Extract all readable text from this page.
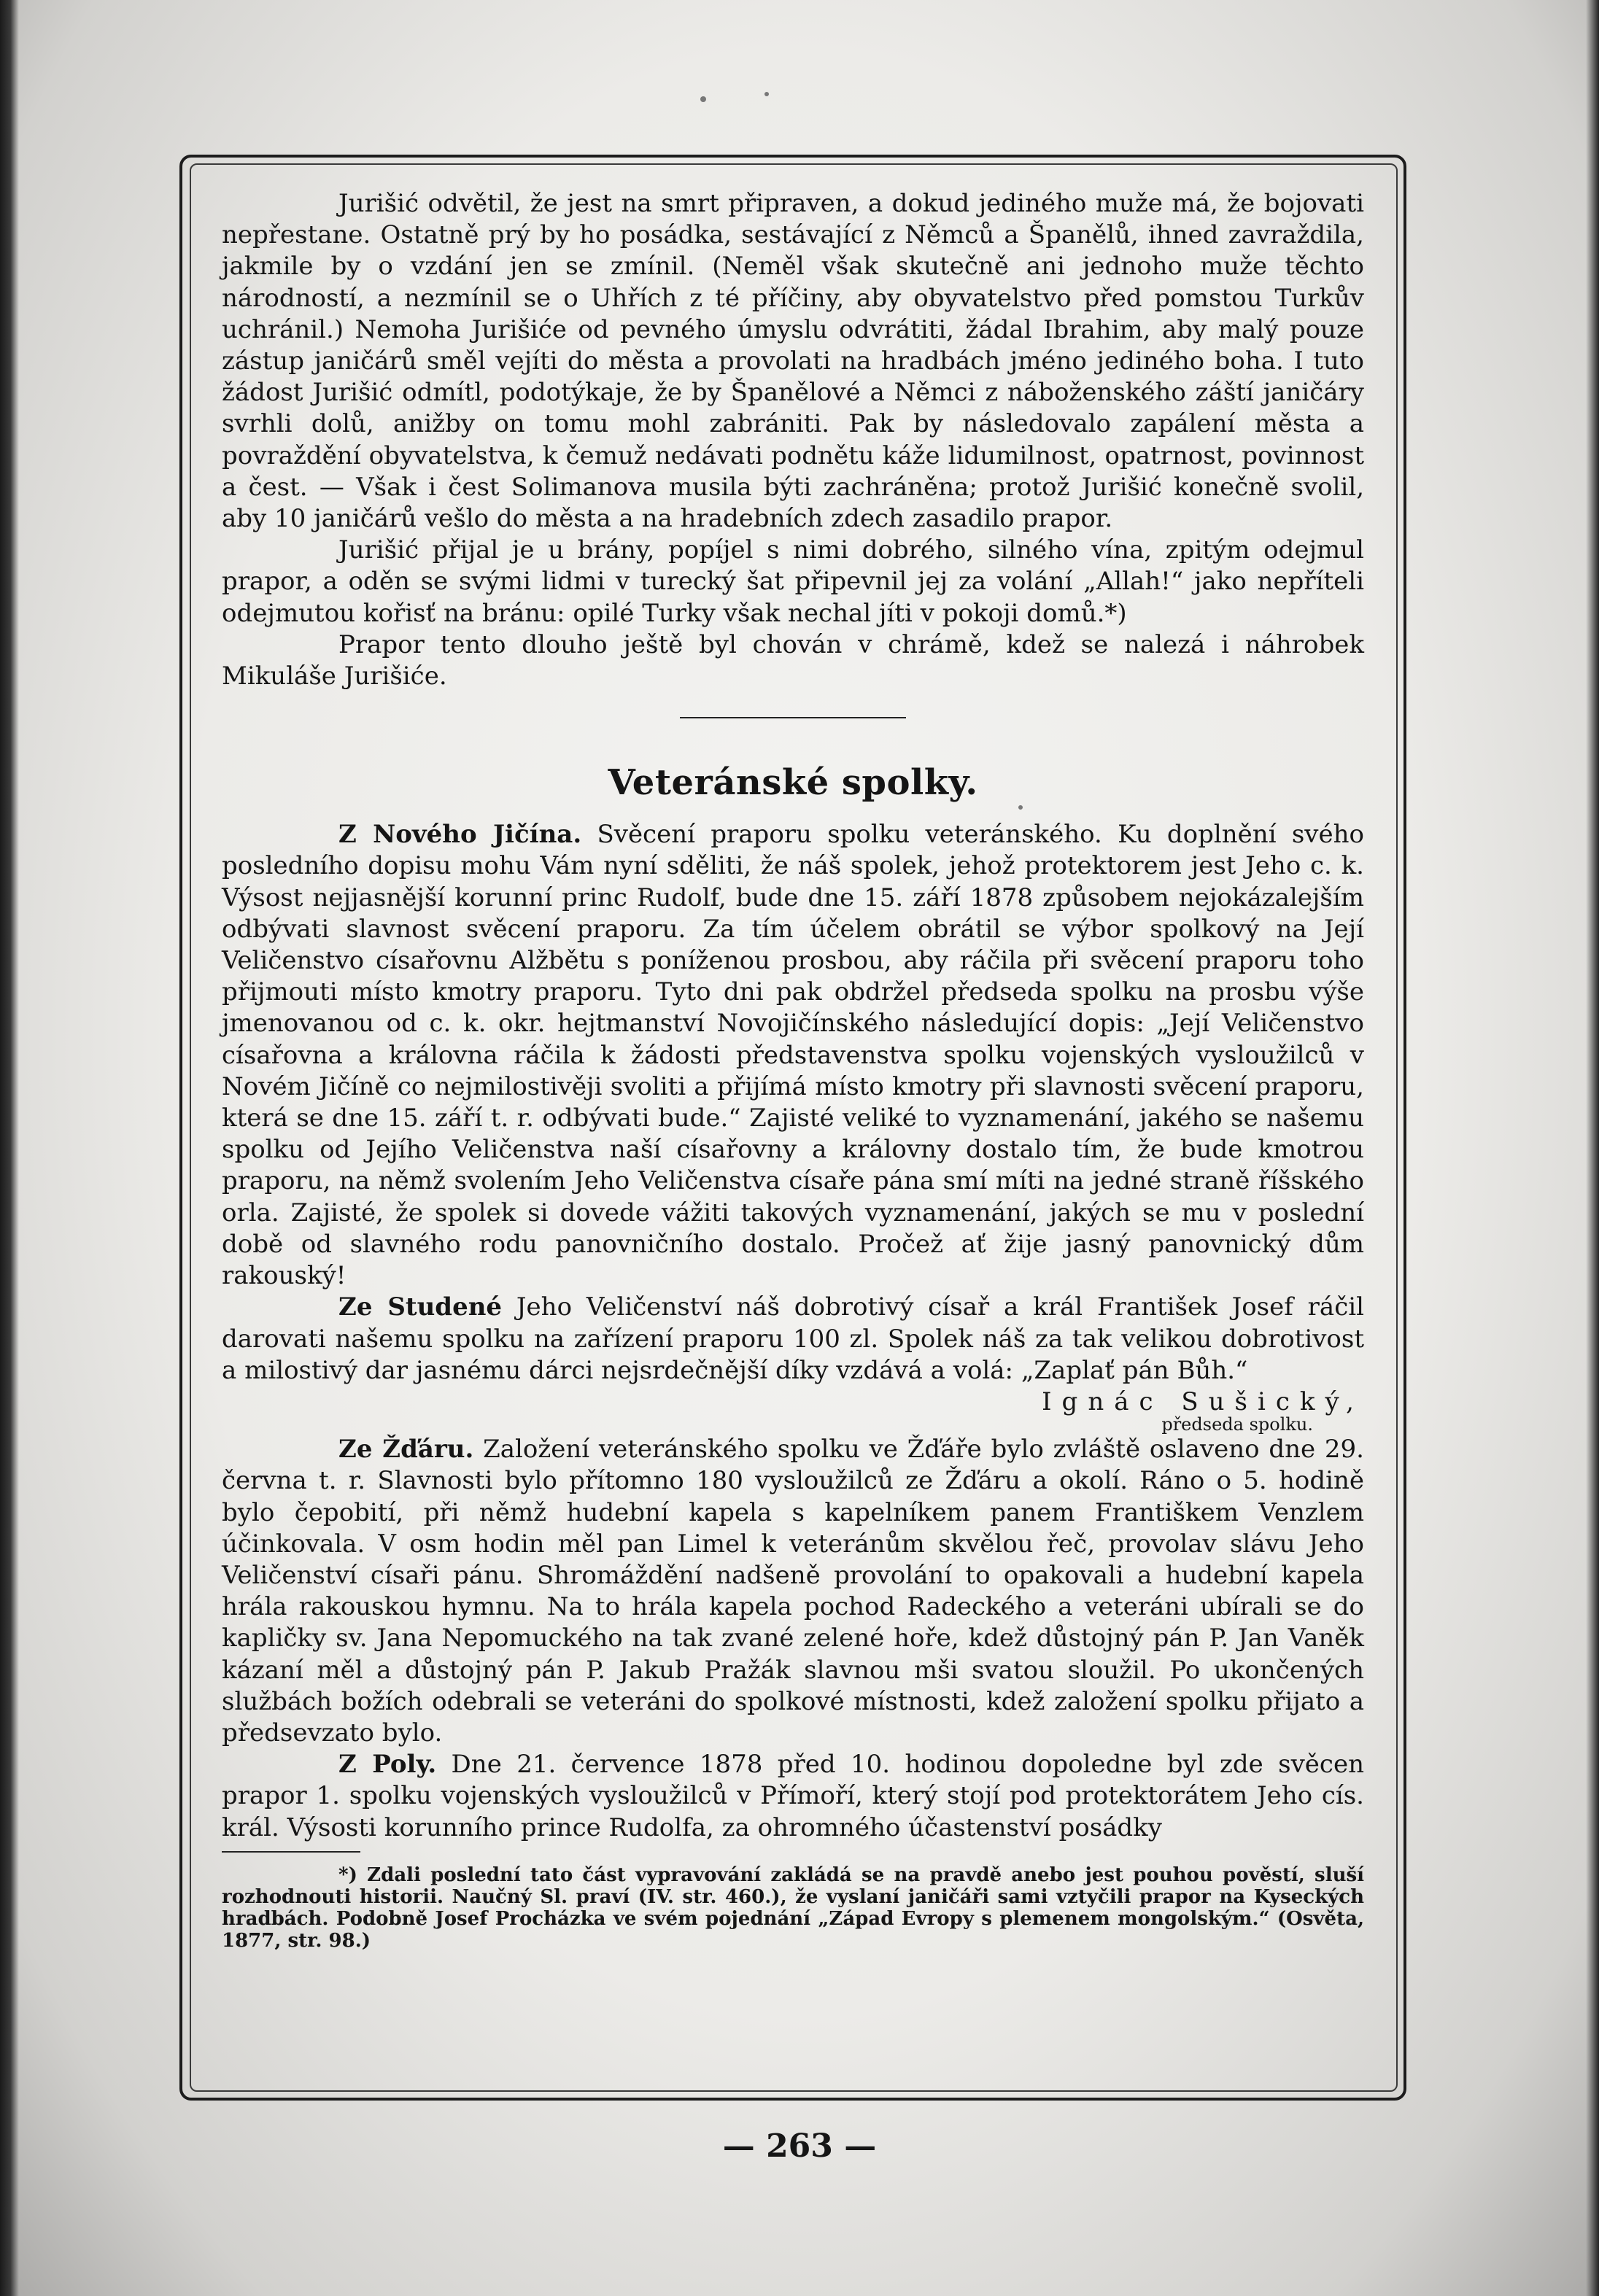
Jurišić odvětil, že jest na smrt připraven, a dokud jediného muže má, že bojovati nepřestane. Ostatně prý by ho posádka, sestávající z Němců a Španělů, ihned zavraždila, jakmile by o vzdání jen se zmínil. (Neměl však skutečně ani jednoho muže těchto národností, a nezmínil se o Uhřích z té příčiny, aby obyvatelstvo před pomstou Turkův uchránil.) Nemoha Jurišiće od pevného úmyslu odvrátiti, žádal Ibrahim, aby malý pouze zástup janičárů směl vejíti do města a provolati na hradbách jméno jediného boha. I tuto žádost Jurišić odmítl, podotýkaje, že by Španělové a Němci z náboženského záští janičáry svrhli dolů, anižby on tomu mohl zabrániti. Pak by následovalo zapálení města a povraždění obyvatelstva, k čemuž nedávati podnětu káže lidumilnost, opatrnost, povinnost a čest. — Však i čest Solimanova musila býti zachráněna; protož Jurišić konečně svolil, aby 10 janičárů vešlo do města a na hradebních zdech zasadilo prapor.

Jurišić přijal je u brány, popíjel s nimi dobrého, silného vína, zpitým odejmul prapor, a oděn se svými lidmi v turecký šat připevnil jej za volání „Allah!“ jako nepříteli odejmutou kořisť na bránu: opilé Turky však nechal jíti v pokoji domů.*)

Prapor tento dlouho ještě byl chován v chrámě, kdež se nalezá i náhrobek Mikuláše Jurišiće.

Veteránské spolky.

Z Nového Jičína. Svěcení praporu spolku veteránského. Ku doplnění svého posledního dopisu mohu Vám nyní sděliti, že náš spolek, jehož protektorem jest Jeho c. k. Výsost nejjasnější korunní princ Rudolf, bude dne 15. září 1878 způsobem nejokázalejším odbývati slavnost svěcení praporu. Za tím účelem obrátil se výbor spolkový na Její Veličenstvo císařovnu Alžbětu s poníženou prosbou, aby ráčila při svěcení praporu toho přijmouti místo kmotry praporu. Tyto dni pak obdržel předseda spolku na prosbu výše jmenovanou od c. k. okr. hejtmanství Novojičínského následující dopis: „Její Veličenstvo císařovna a královna ráčila k žádosti představenstva spolku vojenských vysloužilců v Novém Jičíně co nejmilostivěji svoliti a přijímá místo kmotry při slavnosti svěcení praporu, která se dne 15. září t. r. odbývati bude.“ Zajisté veliké to vyznamenání, jakého se našemu spolku od Jejího Veličenstva naší císařovny a královny dostalo tím, že bude kmotrou praporu, na němž svolením Jeho Veličenstva císaře pána smí míti na jedné straně říšského orla. Zajisté, že spolek si dovede vážiti takových vyznamenání, jakých se mu v poslední době od slavného rodu panovničního dostalo. Pročež ať žije jasný panovnický dům rakouský!

Ze Studené Jeho Veličenství náš dobrotivý císař a král František Josef ráčil darovati našemu spolku na zařízení praporu 100 zl. Spolek náš za tak velikou dobrotivost a milostivý dar jasnému dárci nejsrdečnější díky vzdává a volá: „Zaplať pán Bůh.“

Ignác Sušický,
předseda spolku.

Ze Žďáru. Založení veteránského spolku ve Žďáře bylo zvláště oslaveno dne 29. června t. r. Slavnosti bylo přítomno 180 vysloužilců ze Žďáru a okolí. Ráno o 5. hodině bylo čepobití, při němž hudební kapela s kapelníkem panem Františkem Venzlem účinkovala. V osm hodin měl pan Limel k veteránům skvělou řeč, provolav slávu Jeho Veličenství císaři pánu. Shromáždění nadšeně provolání to opakovali a hudební kapela hrála rakouskou hymnu. Na to hrála kapela pochod Radeckého a veteráni ubírali se do kapličky sv. Jana Nepomuckého na tak zvané zelené hoře, kdež důstojný pán P. Jan Vaněk kázaní měl a důstojný pán P. Jakub Pražák slavnou mši svatou sloužil. Po ukončených službách božích odebrali se veteráni do spolkové místnosti, kdež založení spolku přijato a předsevzato bylo.

Z Poly. Dne 21. července 1878 před 10. hodinou dopoledne byl zde svěcen prapor 1. spolku vojenských vysloužilců v Přímoří, který stojí pod protektorátem Jeho cís. král. Výsosti korunního prince Rudolfa, za ohromného účastenství posádky

*) Zdali poslední tato část vypravování zakládá se na pravdě anebo jest pouhou pověstí, sluší rozhodnouti historii. Naučný Sl. praví (IV. str. 460.), že vyslaní janičáři sami vztyčili prapor na Kyseckých hradbách. Podobně Josef Procházka ve svém pojednání „Západ Evropy s plemenem mongolským.“ (Osvěta, 1877, str. 98.)
— 263 —
